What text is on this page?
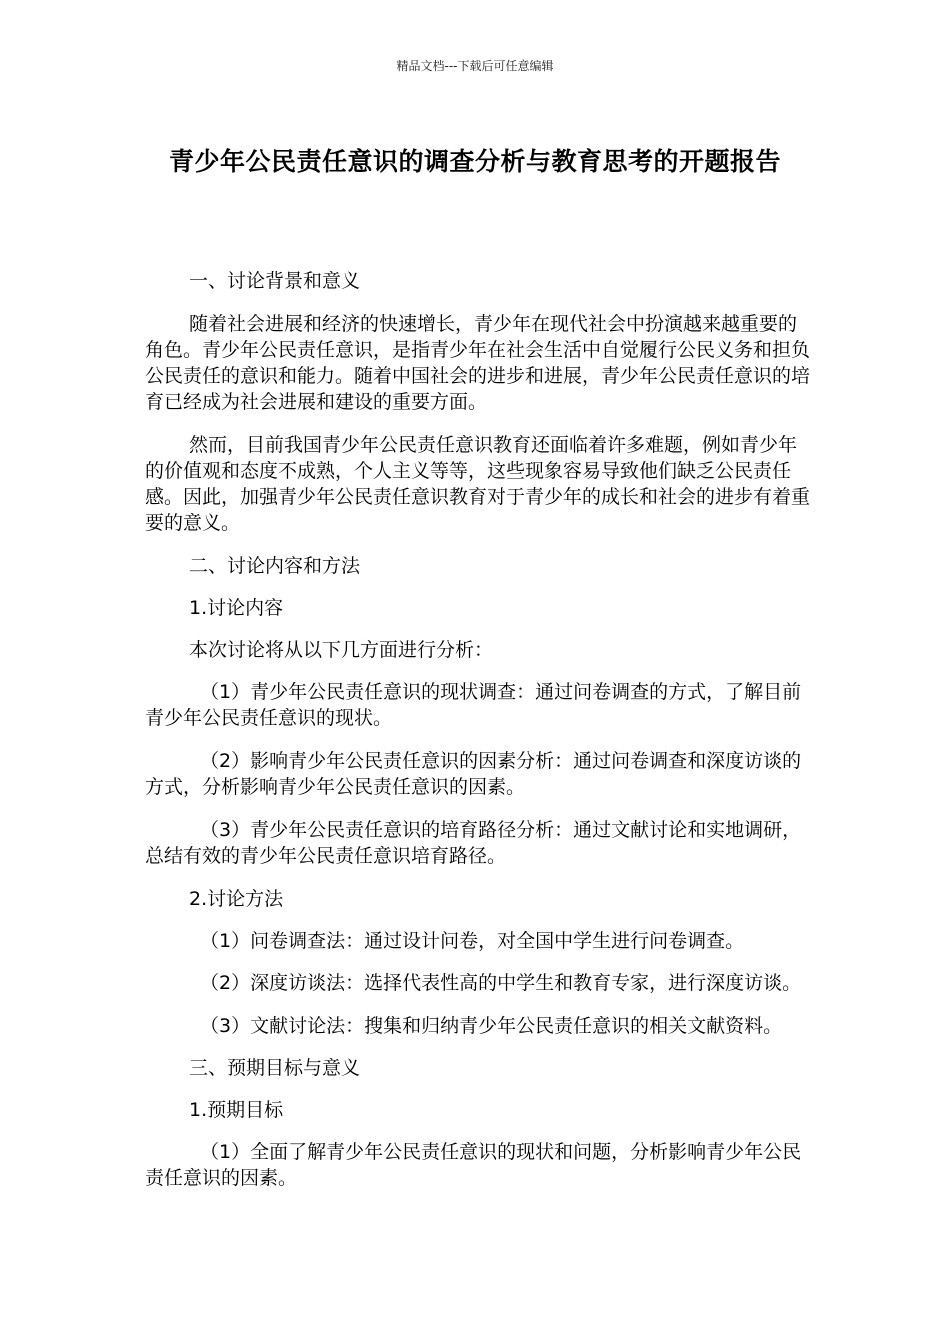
精品文档---下载后可任意编辑
青少年公民责任意识的调查分析与教育思考的开题报告

一、讨论背景和意义

随着社会进展和经济的快速增长，青少年在现代社会中扮演越来越重要的角色。青少年公民责任意识，是指青少年在社会生活中自觉履行公民义务和担负公民责任的意识和能力。随着中国社会的进步和进展，青少年公民责任意识的培育已经成为社会进展和建设的重要方面。

然而，目前我国青少年公民责任意识教育还面临着许多难题，例如青少年的价值观和态度不成熟，个人主义等等，这些现象容易导致他们缺乏公民责任感。因此，加强青少年公民责任意识教育对于青少年的成长和社会的进步有着重要的意义。

二、讨论内容和方法

1.讨论内容

本次讨论将从以下几方面进行分析：

（1）青少年公民责任意识的现状调查：通过问卷调查的方式，了解目前青少年公民责任意识的现状。

（2）影响青少年公民责任意识的因素分析：通过问卷调查和深度访谈的方式，分析影响青少年公民责任意识的因素。

（3）青少年公民责任意识的培育路径分析：通过文献讨论和实地调研，总结有效的青少年公民责任意识培育路径。

2.讨论方法

（1）问卷调查法：通过设计问卷，对全国中学生进行问卷调查。

（2）深度访谈法：选择代表性高的中学生和教育专家，进行深度访谈。

（3）文献讨论法：搜集和归纳青少年公民责任意识的相关文献资料。

三、预期目标与意义

1.预期目标

（1）全面了解青少年公民责任意识的现状和问题，分析影响青少年公民责任意识的因素。
